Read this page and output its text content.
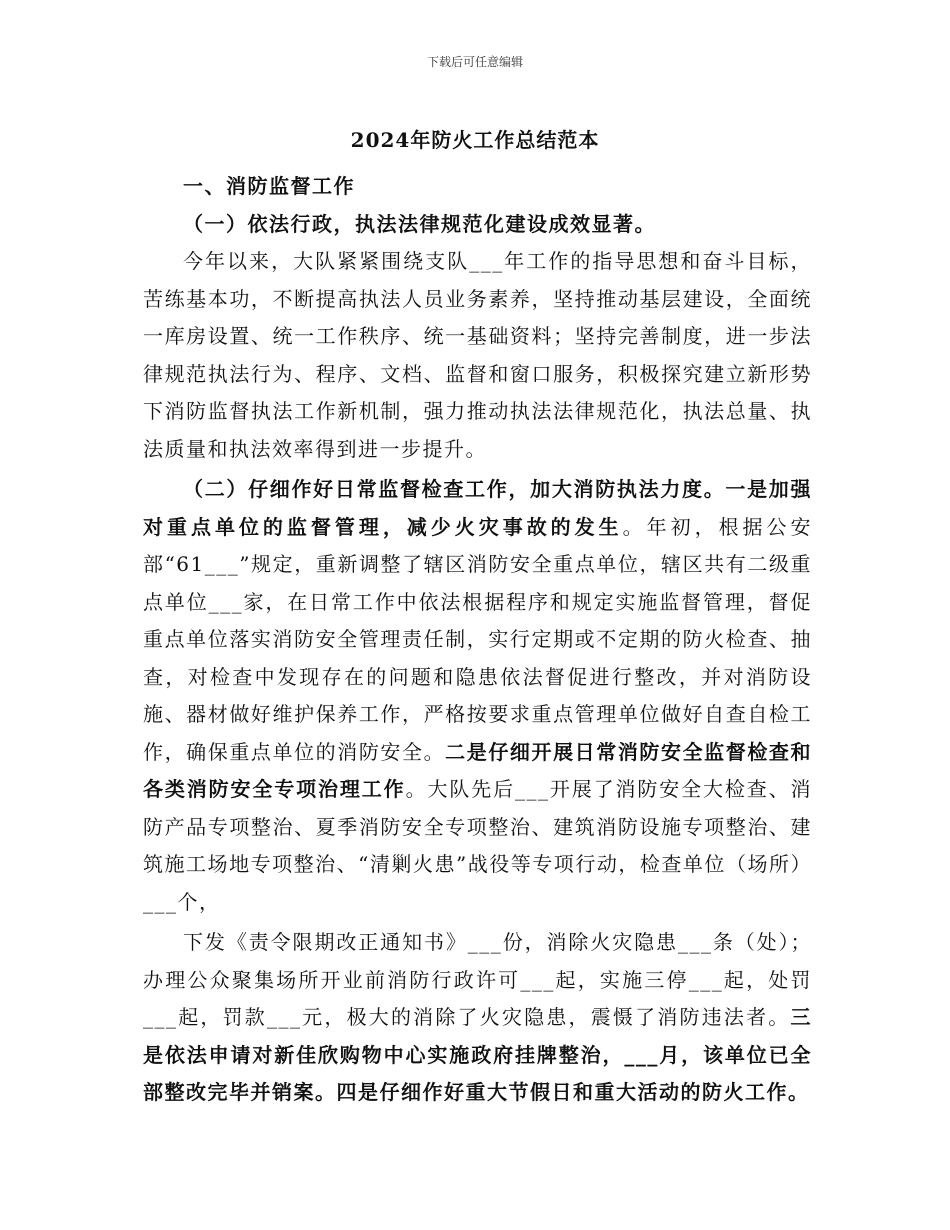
下载后可任意编辑
2024年防火工作总结范本

一、消防监督工作

（一）依法行政，执法法律规范化建设成效显著。

今年以来，大队紧紧围绕支队___年工作的指导思想和奋斗目标，苦练基本功，不断提高执法人员业务素养，坚持推动基层建设，全面统一库房设置、统一工作秩序、统一基础资料；坚持完善制度，进一步法律规范执法行为、程序、文档、监督和窗口服务，积极探究建立新形势下消防监督执法工作新机制，强力推动执法法律规范化，执法总量、执法质量和执法效率得到进一步提升。

（二）仔细作好日常监督检查工作，加大消防执法力度。一是加强对重点单位的监督管理，减少火灾事故的发生。年初，根据公安部“61___”规定，重新调整了辖区消防安全重点单位，辖区共有二级重点单位___家，在日常工作中依法根据程序和规定实施监督管理，督促重点单位落实消防安全管理责任制，实行定期或不定期的防火检查、抽查，对检查中发现存在的问题和隐患依法督促进行整改，并对消防设施、器材做好维护保养工作，严格按要求重点管理单位做好自查自检工作，确保重点单位的消防安全。二是仔细开展日常消防安全监督检查和各类消防安全专项治理工作。大队先后___开展了消防安全大检查、消防产品专项整治、夏季消防安全专项整治、建筑消防设施专项整治、建筑施工场地专项整治、“清剿火患”战役等专项行动，检查单位（场所）___个，

下发《责令限期改正通知书》___份，消除火灾隐患___条（处）；办理公众聚集场所开业前消防行政许可___起，实施三停___起，处罚___起，罚款___元，极大的消除了火灾隐患，震慑了消防违法者。三是依法申请对新佳欣购物中心实施政府挂牌整治，___月，该单位已全部整改完毕并销案。四是仔细作好重大节假日和重大活动的防火工作。
